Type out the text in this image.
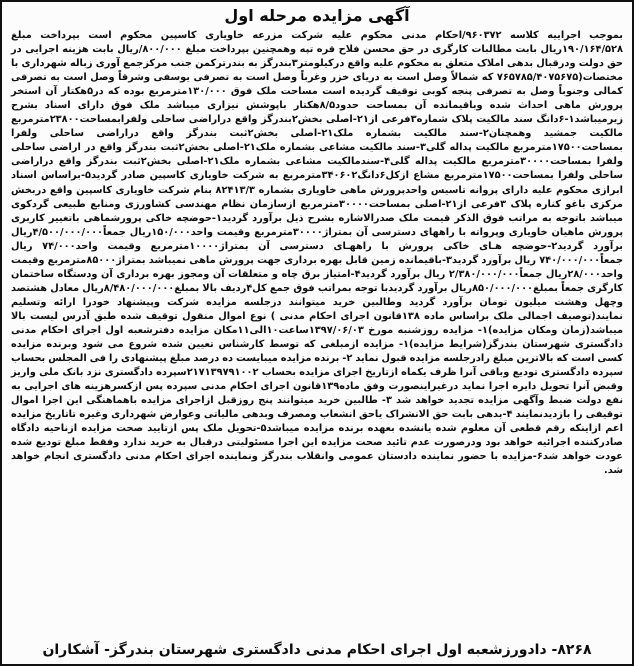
آگهی مزایده مرحله اول

بموجب اجراییه کلاسه ۹۶۰۳۷۲/احکام مدنی محکوم علیه شرکت مزرعه خاویاری کاسپین محکوم است بپرداخت مبلغ ۱۹۰/۱۶۴/۵۲۸ریال بابت مطالبات کارگری در حق محسن فلاح قره تپه وهمچنین بپرداخت مبلغ ۸۰۰/۰۰۰/ریال بابت هزینه اجرایی در حق دولت ودرقبال بدهی املاک متعلق به محکوم علیه واقع درکیلومتر۳بندرگز به بندرترکمن جنب مرکزجمع آوری زباله شهرداری با مختصات(۷۶۵۷۸۵/۴۰۷۵۶۷۵ که شمالاً وصل است به دریای خزر وغرباً وصل است به تصرفی یوسفی وشرقاً وصل است به تصرفی کمالی وجنوباً وصل به تصرفی پنجه کوبی توقیف گردیده است مساحت ملک فوق ۱۳۰/۰۰۰مترمربع بوده که در۵هکتار آن استخر پرورش ماهی احداث شده وباقیمانده آن بمساحت حدود۸/۵هکتار باپوشش نیزاری میباشد ملک فوق دارای اسناد بشرح زیرمیباشد۱-۶دانگ سند مالکیت پلاک شماره۳فرعی از۲۱-اصلی بخش۲بندرگز واقع دراراضی ساحلی ولفرابمساحت۲۳۸۰۰مترمربع مالکیت جمشید وهمچنان۲-سند مالکیت بشماره ملک۲۱-اصلی بخش۲ثبت بندرگز واقع دراراضی ساحلی ولفرا بمساحت۱۷۵۰۰مترمربع مالکیت پداله گلی۳-سند مالکیت مشاعی بشماره ملک۲۱-اصلی بخش۲ثبت بندرگز واقع در اراضی ساحلی ولفرا بمساحت۳۰۰۰۰مترمربع مالکیت پداله گلی۴-سندمالکیت مشاعی بشماره ملک۲۱-اصلی بخش۲ثبت بندرگز واقع دراراضی ساحلی ولفرا بمساحت۱۷۵۰۰مترمربع مشاع ازکل۶دانگ۳۴۰۶۰۲مترمربع به شرکت خاویاری کاسپین صادر گردید۵-براساس اسناد ابرازی محکوم علیه دارای پروانه تاسیس واحدپرورش ماهی خاویاری بشماره ۸۲۴۱۳/۳ بنام شرکت خاویاری کاسپین واقع دربخش مرکزی باغو کناره پلاک ۳فرعی از۲۱-اصلی بمساحت۳۰۰۰۰مترمربع ازسازمان نظام مهندسی کشاورزی ومنابع طبیعی گردکوی میباشد باتوجه به مراتب فوق الذکر قیمت ملک صدرالاشاره بشرح ذیل برآورد گردید۱-حوضچه خاکی پرورشماهی باتغییر کاربری پرورش ماهیان خاویاری وپرواته با راههای دسترسی آن بمتراژ۳۰۰۰۰مترمربع وقیمت واحد۱۵۰/۰۰۰ریال جمعاً۴/۵۰۰/۰۰۰/۰۰۰ریال برآورد گردید۲-حوضچه هـای خاکی پرورش با راههـای دسترسی آن بمتراژ۱۰۰۰۰مترمربع وقیمت واحد۷۴/۰۰۰ ریال جمعاً۷۴۰/۰۰۰/۰۰۰ ریال برآورد گردید۳-باقیمانده زمین قابل بهره برداری جهت پرورش ماهی نمیباشد بمتراژ۸۵۰۰۰مترمربع وقیمت واحد۲۸/۰۰۰ریال جمعاً۲/۳۸۰/۰۰۰/۰۰۰ ریال برآورد گردید۴-امتیاز برق چاه و متعلقات آن ومجوز بهره برداری آن ودستگاه ساختمان کارگری جمعاً بمبلغ۸۵۰/۰۰۰/۰۰۰ریال برآورد گردیدبا توجه بمراتب فوق جمع کل۴ردیف بالا بمبلغ۸/۴۸۰/۰۰۰/۰۰۰ریال معادل هشتصد وچهل وهشت میلیون تومان برآورد گردید وطالبین خرید میتوانند درجلسه مزایده شرکت وپیشنهاد خودرا ارائه وتسلیم نمایند(توصیف اجمالی ملک براساس ماده ۱۳۸قانون اجرای احکام مدنی ) نوع اموال منقول توقیف شده طبق آدرس لیست بالا میباشد(زمان ومکان مزایده)۱- مزایده روزشنبه مورخ ۱۳۹۷/۰۶/۰۳ساعت۱۰الی۱۱مکان مزایده دفترشعبه اول اجرای احکام مدنی دادگستری شهرستان بندرگز(شرایط مزایده)۱- مزایده ازمبلغی که توسط کارشناس تعیین شده شروع می شود وبرنده مزایده کسی است که بالاترین مبلغ رادرجلسه مزایده قبول نماید ۲- برنده مزایده میبایست ده درصد مبلغ پیشنهادی را فی المجلس بحساب سپرده دادگستری تودیع وباقی آنرا ظرف یکماه ازتاریخ اجرای مزایده بحساب ۲۱۷۱۳۹۷۹۱۰۰۲سپرده دادگستری نزد بانک ملی واریز وقبض آنرا تحویل دایره اجرا نماید درغیراینصورت وفق ماده۱۳۹قانون اجرای احکام مدنی سپرده پس ازکسرهزینه های اجرایی به نفع دولت ضبط وآگهی مزایده تجدید خواهد شد ۳- طالبین خرید میتوانند پنج روزقبل ازاجرای مزایده باهماهنگی این اجرا اموال توقیفی را بازدیدنمایند ۴-بدهی بابت حق الانشراک یاحق انشعاب ومصرف وبدهی مالیاتی وعوارض شهرداری وغیره تاتاریخ مزایده اعم ازاینکه رقم قطعی آن معلوم شده یانشده بعهده برنده مزایده میباشد۵-تحویل ملک پس ازتایید صحت مزایده ازناحیه دادگاه صادرکننده اجرائیه خواهد بود ودرصورت عدم تائید صحت مزایده این اجرا مسئولیتی درقبال به خرید ندارد وفقط مبلغ تودیع شده عودت خواهد شد۶-مزایده با حضور نماینده دادستان عمومی وانقلاب بندرگز ونماینده اجرای احکام مدنی دادگستری انجام خواهد شد.

۸۲۶۸- دادورزشعبه اول اجرای احکام مدنی دادگستری شهرستان بندرگز- آشکاران
